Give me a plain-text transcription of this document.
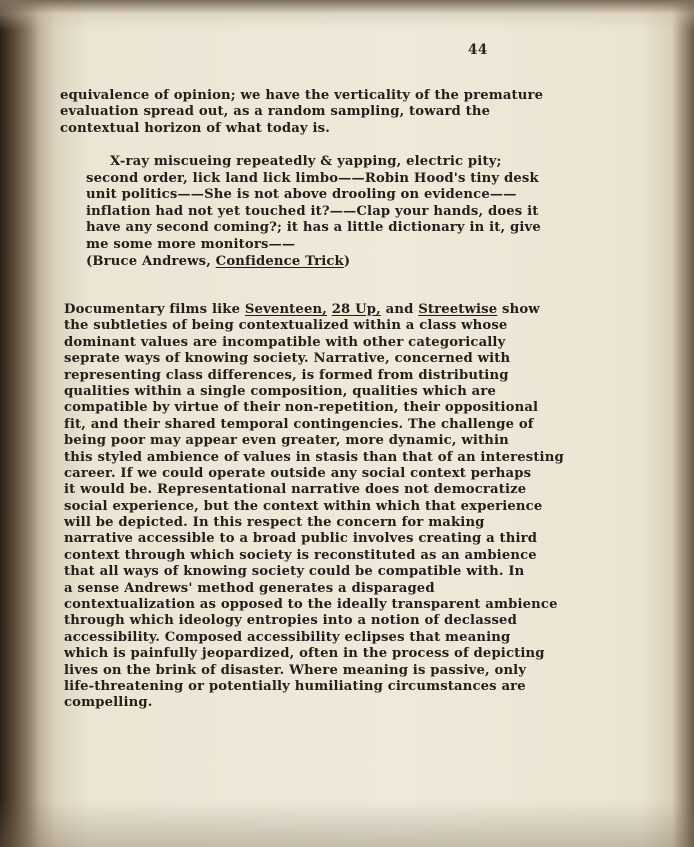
44
equivalence of opinion; we have the verticality of the premature
evaluation spread out, as a random sampling, toward the
contextual horizon of what today is.
X-ray miscueing repeatedly & yapping, electric pity;
second order, lick land lick limbo——Robin Hood's tiny desk
unit politics——She is not above drooling on evidence——
inflation had not yet touched it?——Clap your hands, does it
have any second coming?; it has a little dictionary in it, give
me some more monitors——
(Bruce Andrews, Confidence Trick)
Documentary films like Seventeen, 28 Up, and Streetwise show
the subtleties of being contextualized within a class whose
dominant values are incompatible with other categorically
seprate ways of knowing society. Narrative, concerned with
representing class differences, is formed from distributing
qualities within a single composition, qualities which are
compatible by virtue of their non-repetition, their oppositional
fit, and their shared temporal contingencies. The challenge of
being poor may appear even greater, more dynamic, within
this styled ambience of values in stasis than that of an interesting
career. If we could operate outside any social context perhaps
it would be. Representational narrative does not democratize
social experience, but the context within which that experience
will be depicted. In this respect the concern for making
narrative accessible to a broad public involves creating a third
context through which society is reconstituted as an ambience
that all ways of knowing society could be compatible with. In
a sense Andrews' method generates a disparaged
contextualization as opposed to the ideally transparent ambience
through which ideology entropies into a notion of declassed
accessibility. Composed accessibility eclipses that meaning
which is painfully jeopardized, often in the process of depicting
lives on the brink of disaster. Where meaning is passive, only
life-threatening or potentially humiliating circumstances are
compelling.
